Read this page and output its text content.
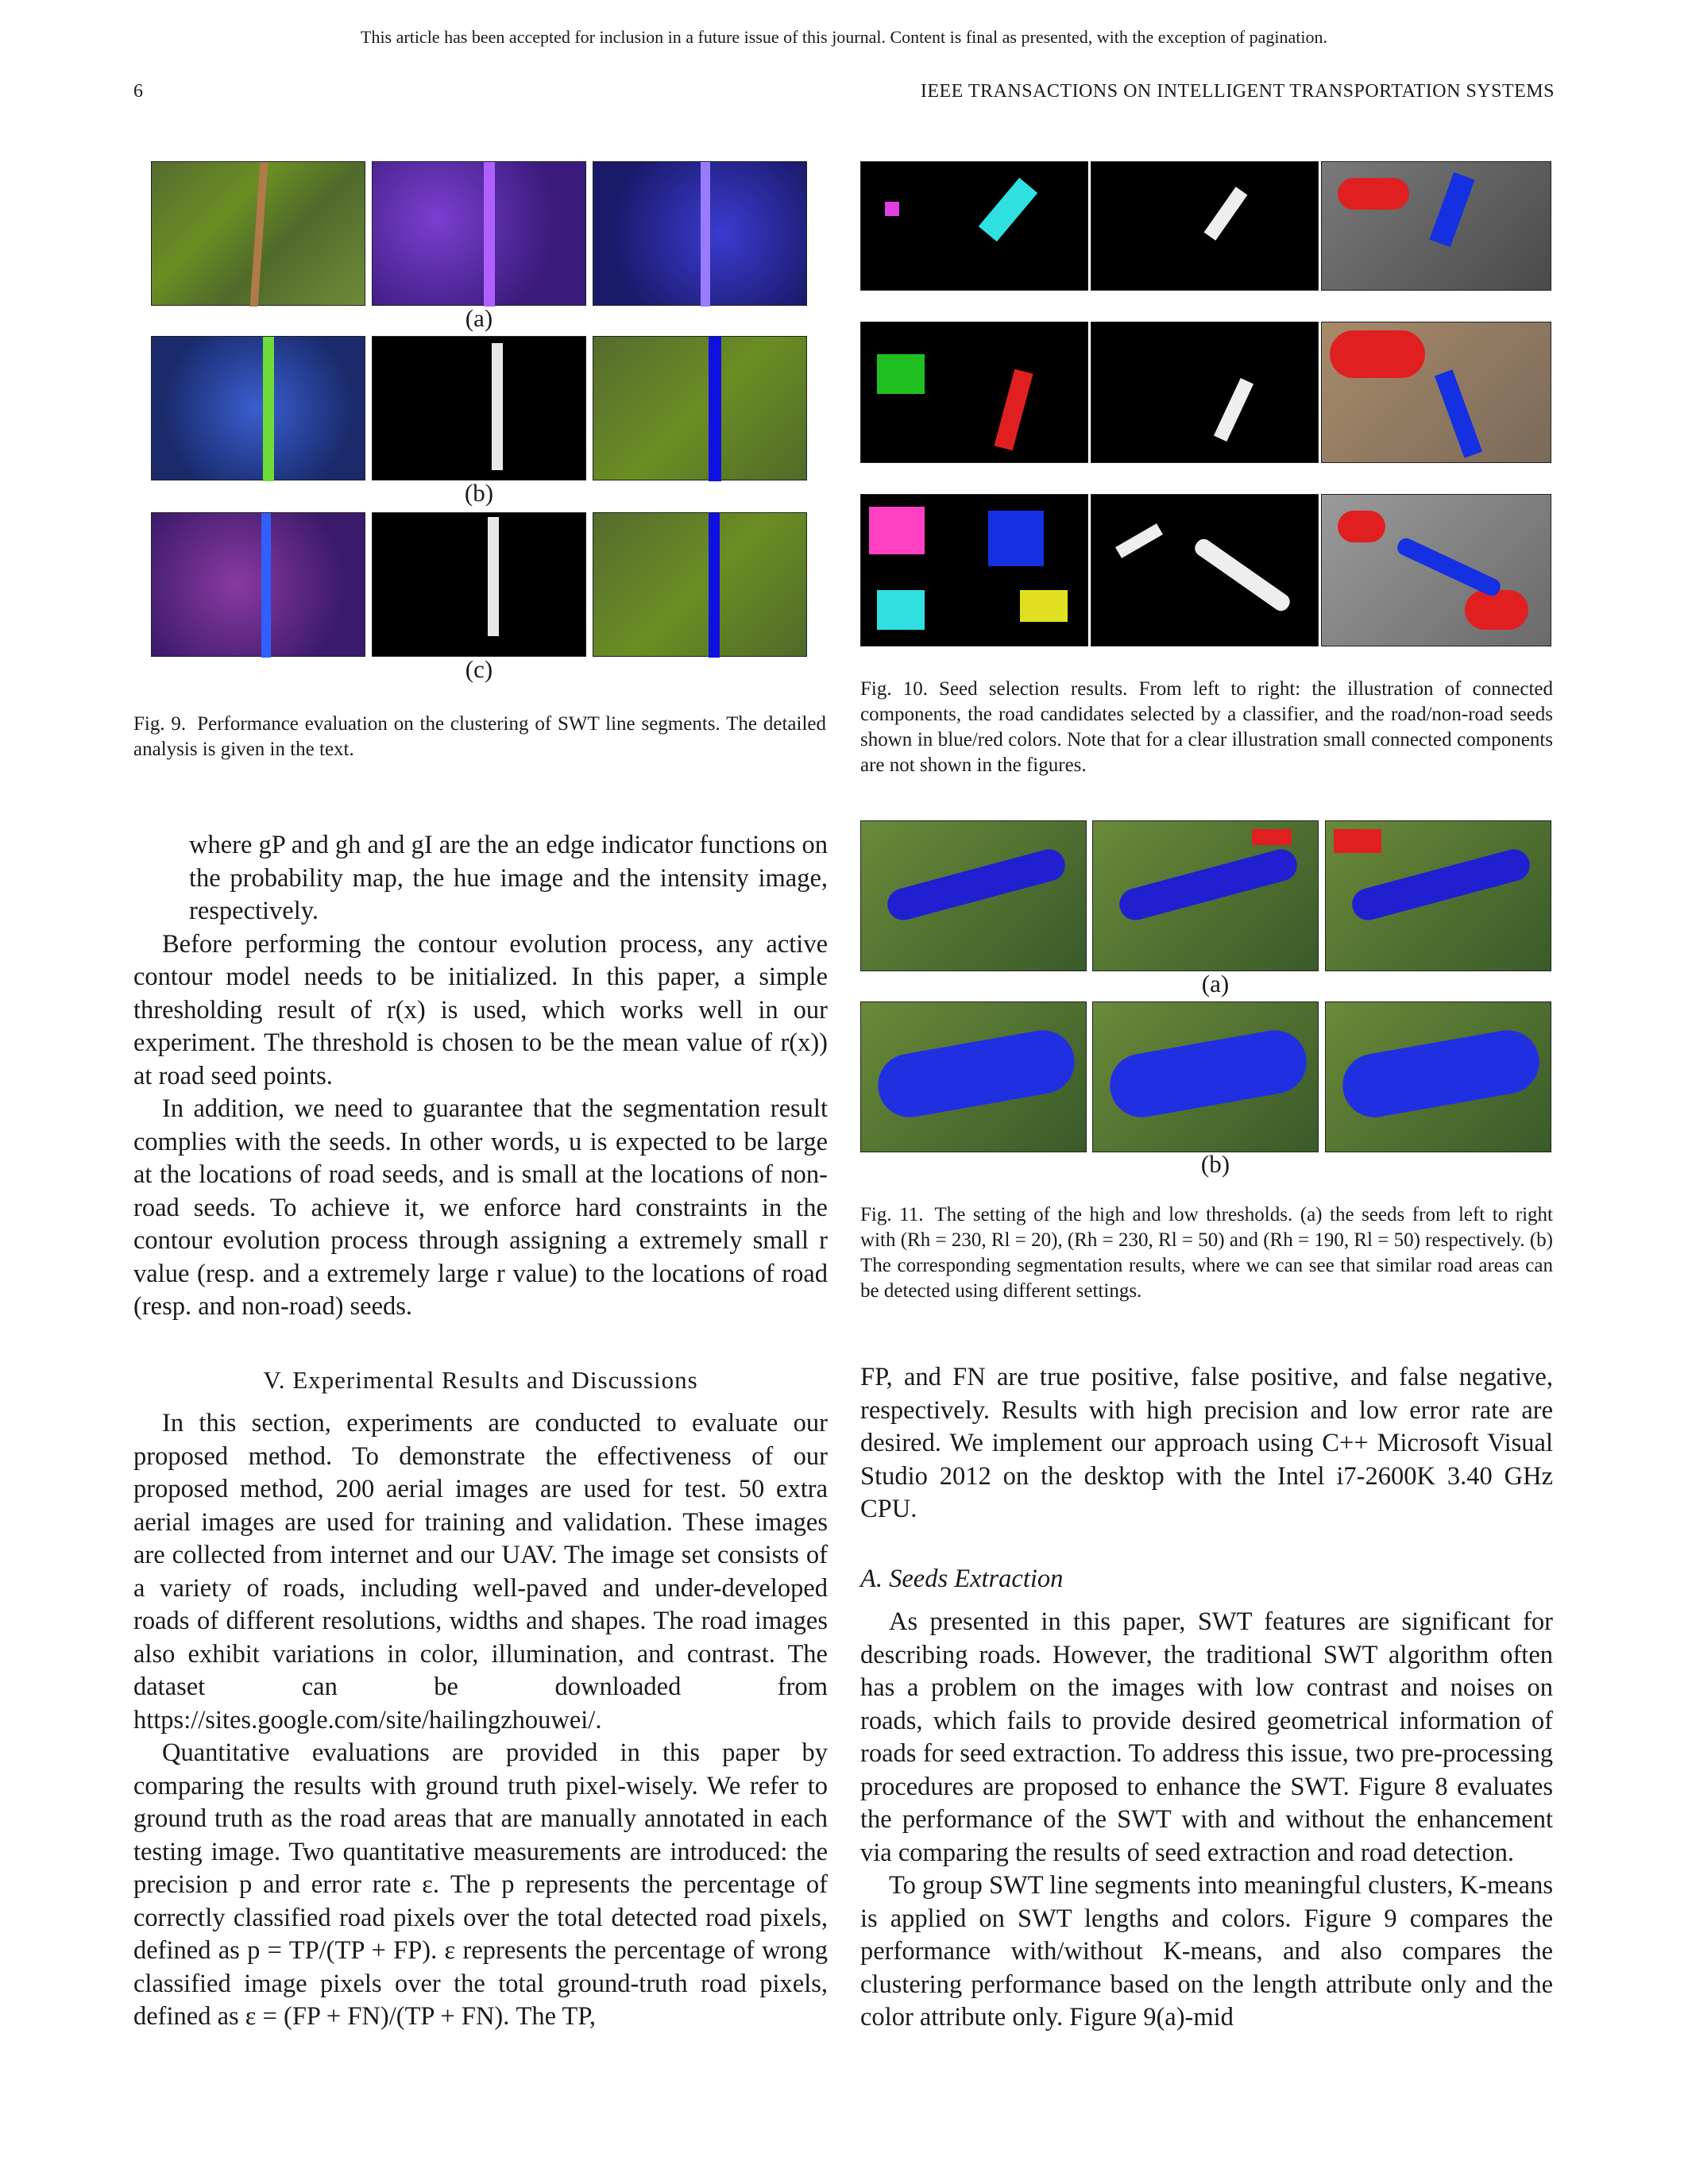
This article has been accepted for inclusion in a future issue of this journal. Content is final as presented, with the exception of pagination.
6	IEEE TRANSACTIONS ON INTELLIGENT TRANSPORTATION SYSTEMS
(a)
(b)
(c)
Fig. 9. Performance evaluation on the clustering of SWT line segments. The detailed analysis is given in the text.
Fig. 10. Seed selection results. From left to right: the illustration of connected components, the road candidates selected by a classifier, and the road/non-road seeds shown in blue/red colors. Note that for a clear illustration small connected components are not shown in the figures.
(a)
(b)
Fig. 11. The setting of the high and low thresholds. (a) the seeds from left to right with (Rh = 230, Rl = 20), (Rh = 230, Rl = 50) and (Rh = 190, Rl = 50) respectively. (b) The corresponding segmentation results, where we can see that similar road areas can be detected using different settings.

where gP and gh and gI are the an edge indicator functions on the probability map, the hue image and the intensity image, respectively.

Before performing the contour evolution process, any active contour model needs to be initialized. In this paper, a simple thresholding result of r(x) is used, which works well in our experiment. The threshold is chosen to be the mean value of r(x)) at road seed points.

In addition, we need to guarantee that the segmentation result complies with the seeds. In other words, u is expected to be large at the locations of road seeds, and is small at the locations of non-road seeds. To achieve it, we enforce hard constraints in the contour evolution process through assigning a extremely small r value (resp. and a extremely large r value) to the locations of road (resp. and non-road) seeds.

V. Experimental Results and Discussions

In this section, experiments are conducted to evaluate our proposed method. To demonstrate the effectiveness of our proposed method, 200 aerial images are used for test. 50 extra aerial images are used for training and validation. These images are collected from internet and our UAV. The image set consists of a variety of roads, including well-paved and under-developed roads of different resolutions, widths and shapes. The road images also exhibit variations in color, illumination, and contrast. The dataset can be downloaded from https://sites.google.com/site/hailingzhouwei/.

Quantitative evaluations are provided in this paper by comparing the results with ground truth pixel-wisely. We refer to ground truth as the road areas that are manually annotated in each testing image. Two quantitative measurements are introduced: the precision p and error rate ε. The p represents the percentage of correctly classified road pixels over the total detected road pixels, defined as p = TP/(TP + FP). ε represents the percentage of wrong classified image pixels over the total ground-truth road pixels, defined as ε = (FP + FN)/(TP + FN). The TP,

FP, and FN are true positive, false positive, and false negative, respectively. Results with high precision and low error rate are desired. We implement our approach using C++ Microsoft Visual Studio 2012 on the desktop with the Intel i7-2600K 3.40 GHz CPU.

A. Seeds Extraction

As presented in this paper, SWT features are significant for describing roads. However, the traditional SWT algorithm often has a problem on the images with low contrast and noises on roads, which fails to provide desired geometrical information of roads for seed extraction. To address this issue, two pre-processing procedures are proposed to enhance the SWT. Figure 8 evaluates the performance of the SWT with and without the enhancement via comparing the results of seed extraction and road detection.

To group SWT line segments into meaningful clusters, K-means is applied on SWT lengths and colors. Figure 9 compares the performance with/without K-means, and also compares the clustering performance based on the length attribute only and the color attribute only. Figure 9(a)-mid
